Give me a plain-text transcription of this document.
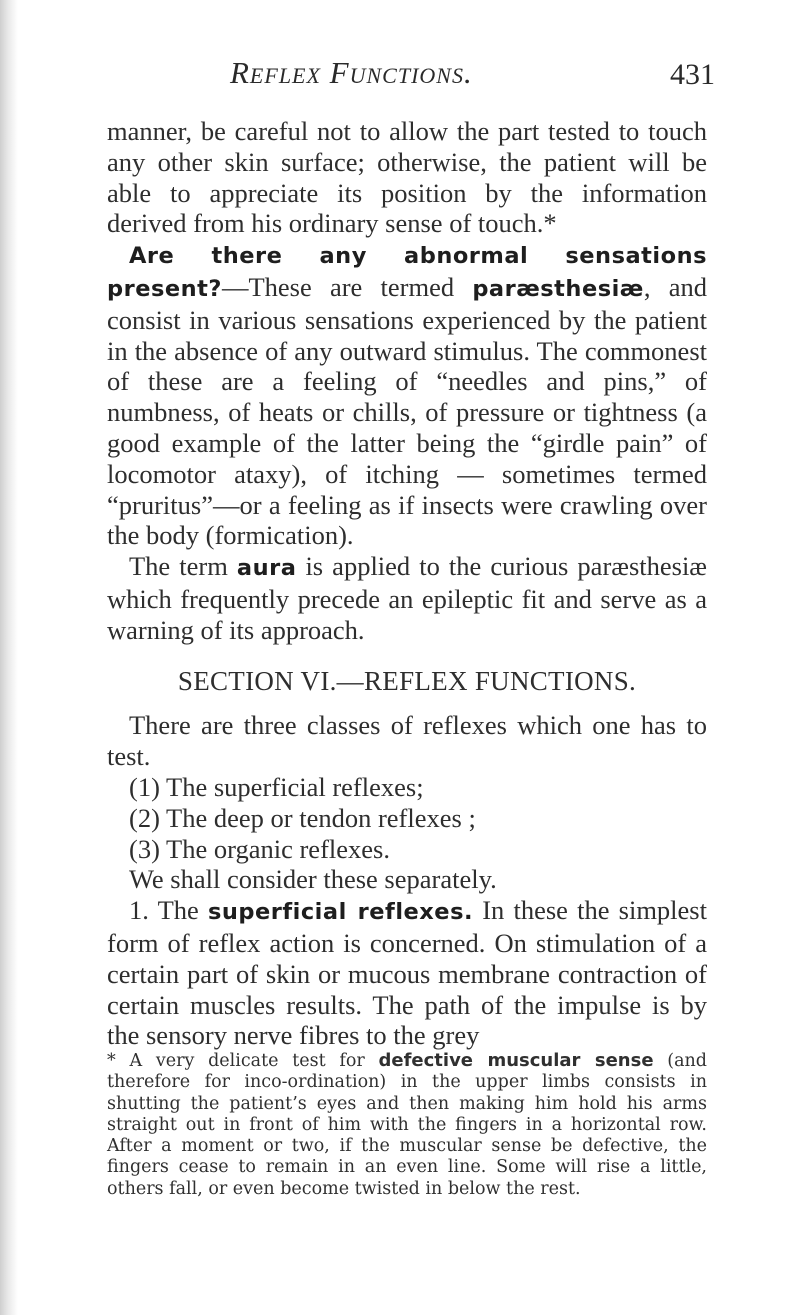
Reflex Functions.	431

manner, be careful not to allow the part tested to touch any other skin surface; otherwise, the patient will be able to appreciate its position by the information derived from his ordinary sense of touch.*

Are there any abnormal sensations present?—These are termed paræsthesiæ, and consist in various sensations experienced by the patient in the absence of any outward stimulus. The commonest of these are a feeling of “needles and pins,” of numbness, of heats or chills, of pressure or tightness (a good example of the latter being the “girdle pain” of locomotor ataxy), of itching — sometimes termed “pruritus”—or a feeling as if insects were crawling over the body (formication).

The term aura is applied to the curious paræsthesiæ which frequently precede an epileptic fit and serve as a warning of its approach.

SECTION VI.—REFLEX FUNCTIONS.

There are three classes of reflexes which one has to test.

(1) The superficial reflexes;

(2) The deep or tendon reflexes ;

(3) The organic reflexes.

We shall consider these separately.

1. The superficial reflexes. In these the simplest form of reflex action is concerned. On stimulation of a certain part of skin or mucous membrane contraction of certain muscles results. The path of the impulse is by the sensory nerve fibres to the grey

* A very delicate test for defective muscular sense (and therefore for inco-ordination) in the upper limbs consists in shutting the patient’s eyes and then making him hold his arms straight out in front of him with the fingers in a horizontal row. After a moment or two, if the muscular sense be defective, the fingers cease to remain in an even line. Some will rise a little, others fall, or even become twisted in below the rest.
